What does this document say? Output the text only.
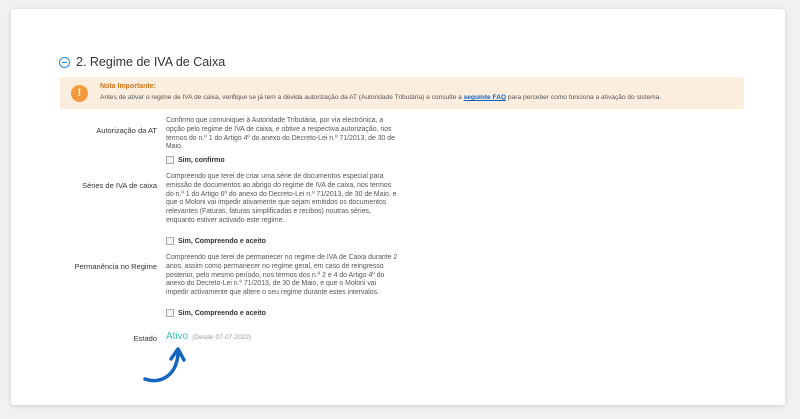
2. Regime de IVA de Caixa
!
Nota Importante:
Antes de ativar o regime de IVA de caixa, verifique se já tem a devida autorização da AT (Autoridade Tributária) e consulte a seguinte FAQ para perceber como funciona a ativação do sistema.
Autorização da AT
Confirmo que comuniquei à Autoridade Tributária, por via electrónica, a opção pelo regime de IVA de caixa, e obtive a respectiva autorização, nos termos do n.º 1 do Artigo 4º do anexo do Decreto-Lei n.º 71/2013, de 30 de Maio.
Sim, confirmo
Séries de IVA de caixa
Compreendo que terei de criar uma série de documentos especial para emissão de documentos ao abrigo do regime de IVA de caixa, nos termos do n.º 1 do Artigo 6º do anexo do Decreto-Lei n.º 71/2013, de 30 de Maio, e que o Moloni vai impedir ativamente que sejam emitidos os documentos relevantes (Faturas, faturas simplificadas e recibos) noutras séries, enquanto estiver activado este regime.
Sim, Compreendo e aceito
Permanência no Regime
Compreendo que terei de permanecer no regime de IVA de Caixa durante 2 anos, assim como permanecer no regime geral, em caso de reingresso posterior, pelo mesmo período, nos termos dos n.º 2 e 4 do Artigo 4º do anexo do Decreto-Lei n.º 71/2013, de 30 de Maio, e que o Moloni vai impedir activamente que altere o seu regime durante estes intervalos.
Sim, Compreendo e aceito
Estado Ativo (Desde 07-07-2022)
